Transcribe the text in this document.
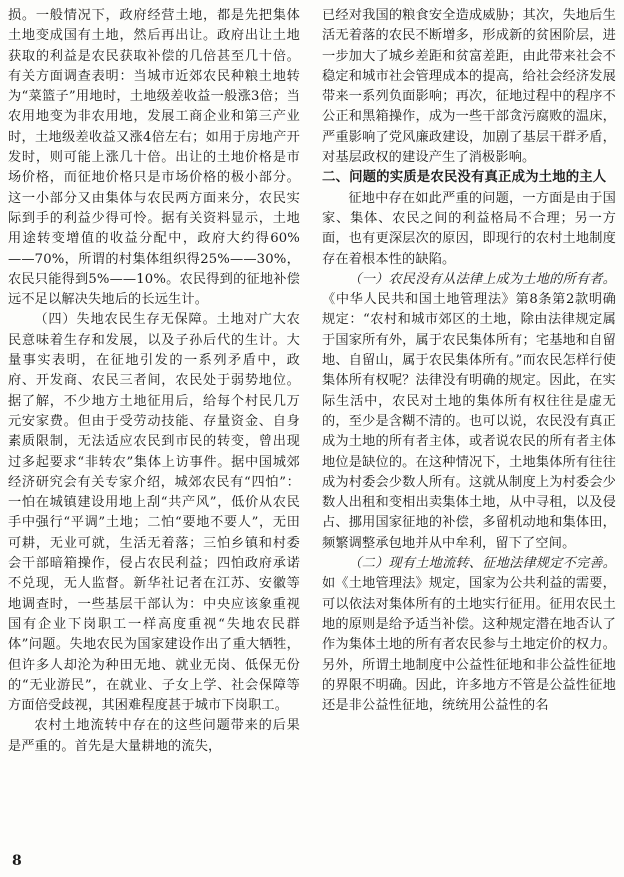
损。一般情况下，政府经营土地，都是先把集体土地变成国有土地，然后再出让。政府出让土地获取的利益是农民获取补偿的几倍甚至几十倍。有关方面调查表明：当城市近郊农民种粮土地转为“菜篮子”用地时，土地级差收益一般涨3倍；当农用地变为非农用地，发展工商企业和第三产业时，土地级差收益又涨4倍左右；如用于房地产开发时，则可能上涨几十倍。出让的土地价格是市场价格，而征地价格只是市场价格的极小部分。这一小部分又由集体与农民两方面来分，农民实际到手的利益少得可怜。据有关资料显示，土地用途转变增值的收益分配中，政府大约得60%——70%，所谓的村集体组织得25%——30%，农民只能得到5%——10%。农民得到的征地补偿远不足以解决失地后的长远生计。

（四）失地农民生存无保障。土地对广大农民意味着生存和发展，以及子孙后代的生计。大量事实表明，在征地引发的一系列矛盾中，政府、开发商、农民三者间，农民处于弱势地位。据了解，不少地方土地征用后，给每个村民几万元安家费。但由于受劳动技能、存量资金、自身素质限制，无法适应农民到市民的转变，曾出现过多起要求“非转农”集体上访事件。据中国城郊经济研究会有关专家介绍，城郊农民有“四怕”：一怕在城镇建设用地上刮“共产风”，低价从农民手中强行“平调”土地；二怕“要地不要人”，无田可耕，无业可就，生活无着落；三怕乡镇和村委会干部暗箱操作，侵占农民利益；四怕政府承诺不兑现，无人监督。新华社记者在江苏、安徽等地调查时，一些基层干部认为：中央应该象重视国有企业下岗职工一样高度重视“失地农民群体”问题。失地农民为国家建设作出了重大牺牲，但许多人却沦为种田无地、就业无岗、低保无份的“无业游民”，在就业、子女上学、社会保障等方面倍受歧视，其困难程度甚于城市下岗职工。

农村土地流转中存在的这些问题带来的后果是严重的。首先是大量耕地的流失，

已经对我国的粮食安全造成威胁；其次，失地后生活无着落的农民不断增多，形成新的贫困阶层，进一步加大了城乡差距和贫富差距，由此带来社会不稳定和城市社会管理成本的提高，给社会经济发展带来一系列负面影响；再次，征地过程中的程序不公正和黑箱操作，成为一些干部贪污腐败的温床，严重影响了党风廉政建设，加剧了基层干群矛盾，对基层政权的建设产生了消极影响。

二、问题的实质是农民没有真正成为土地的主人

征地中存在如此严重的问题，一方面是由于国家、集体、农民之间的利益格局不合理；另一方面，也有更深层次的原因，即现行的农村土地制度存在着根本性的缺陷。

（一）农民没有从法律上成为土地的所有者。《中华人民共和国土地管理法》第8条第2款明确规定：“农村和城市郊区的土地，除由法律规定属于国家所有外，属于农民集体所有；宅基地和自留地、自留山，属于农民集体所有。”而农民怎样行使集体所有权呢？法律没有明确的规定。因此，在实际生活中，农民对土地的集体所有权往往是虚无的，至少是含糊不清的。也可以说，农民没有真正成为土地的所有者主体，或者说农民的所有者主体地位是缺位的。在这种情况下，土地集体所有往往成为村委会少数人所有。这就从制度上为村委会少数人出租和变相出卖集体土地，从中寻租，以及侵占、挪用国家征地的补偿，多留机动地和集体田，频繁调整承包地并从中牟利，留下了空间。

（二）现有土地流转、征地法律规定不完善。如《土地管理法》规定，国家为公共利益的需要，可以依法对集体所有的土地实行征用。征用农民土地的原则是给予适当补偿。这种规定潜在地否认了作为集体土地的所有者农民参与土地定价的权力。另外，所谓土地制度中公益性征地和非公益性征地的界限不明确。因此，许多地方不管是公益性征地还是非公益性征地，统统用公益性的名

8
